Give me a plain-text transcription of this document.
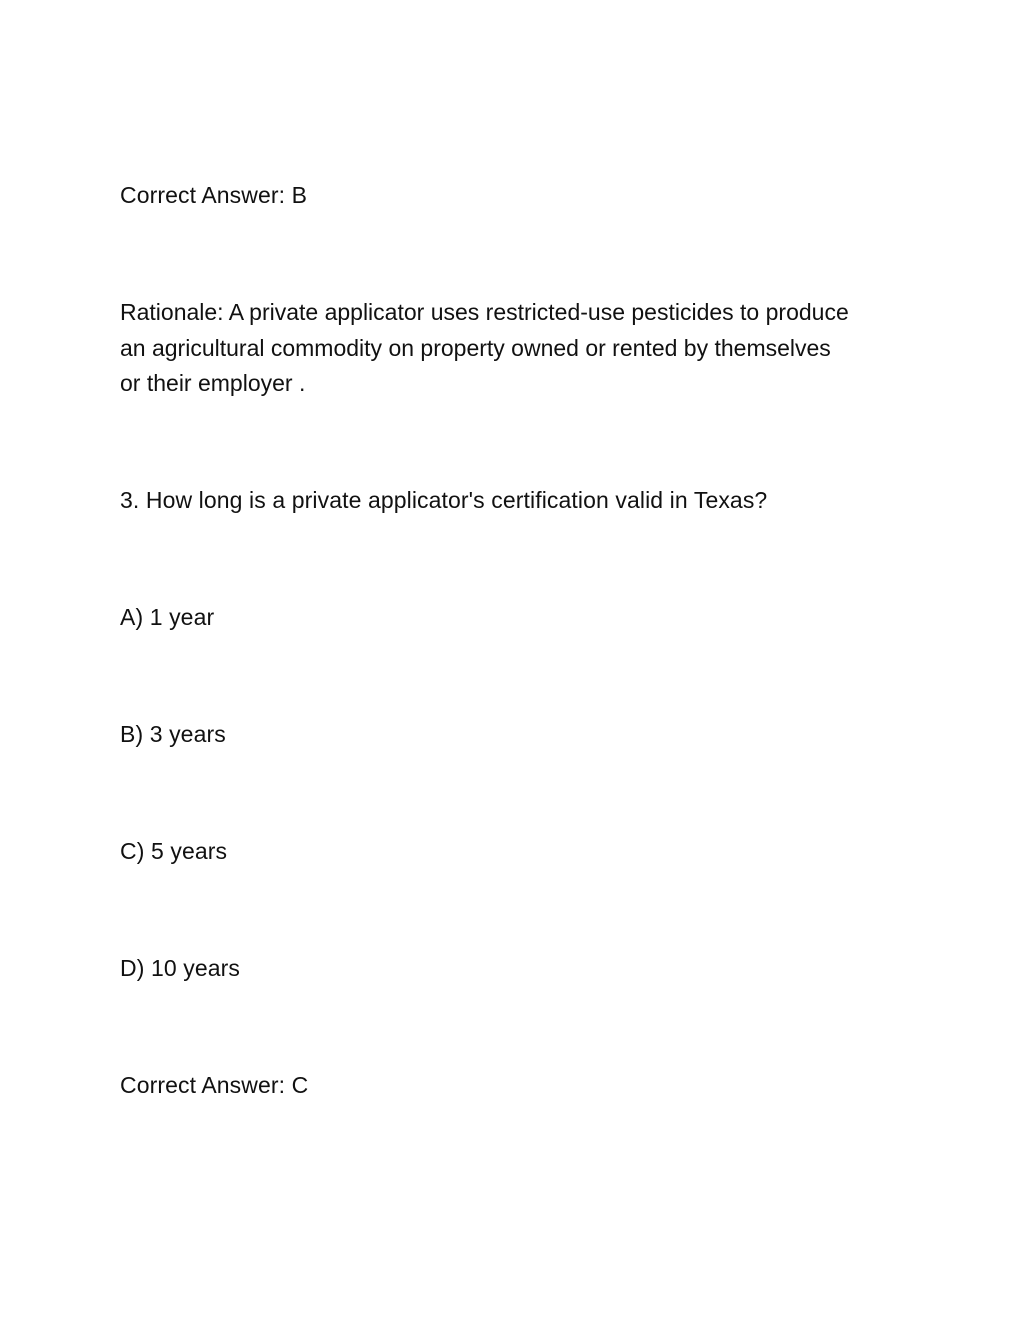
Correct Answer: B
Rationale: A private applicator uses restricted-use pesticides to produce
an agricultural commodity on property owned or rented by themselves
or their employer .
3. How long is a private applicator's certification valid in Texas?
A) 1 year
B) 3 years
C) 5 years
D) 10 years
Correct Answer: C
